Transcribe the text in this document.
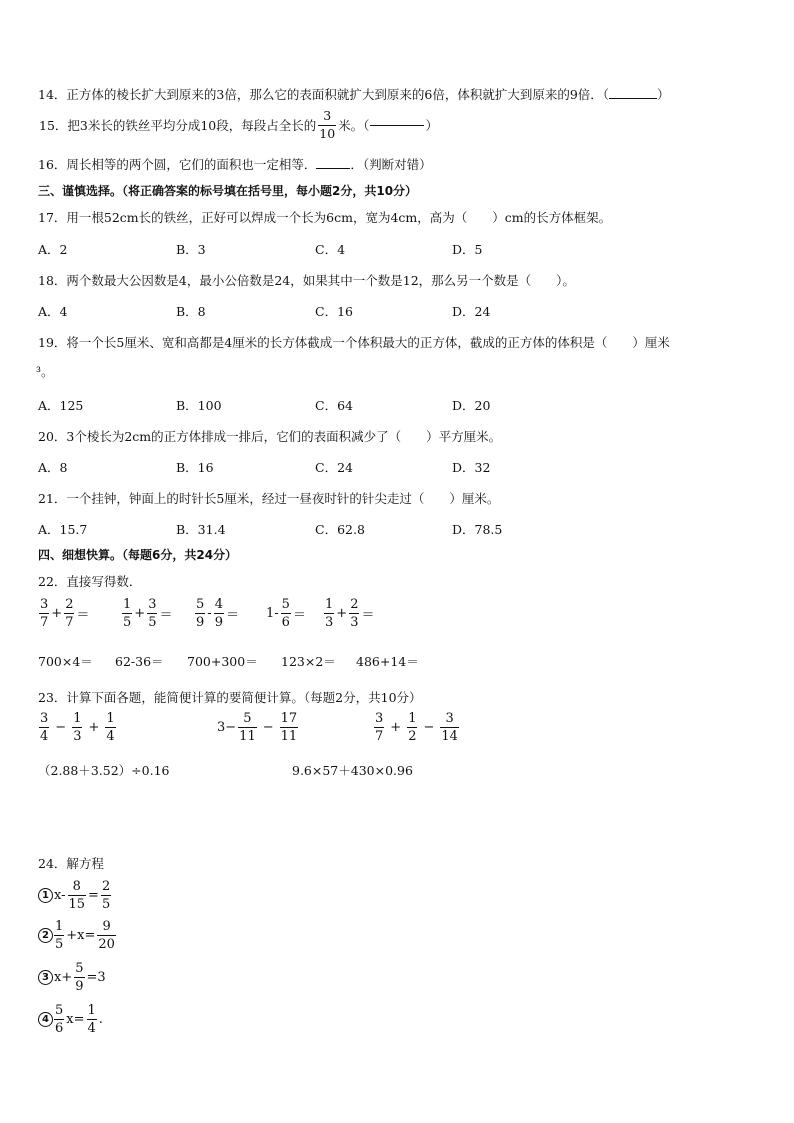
14．正方体的棱长扩大到原来的3倍，那么它的表面积就扩大到原来的6倍，体积就扩大到原来的9倍．（	）
15．把3米长的铁丝平均分成10段，每段占全长的 $\frac{3}{10}$ 米。（	）
16．周长相等的两个圆，它们的面积也一定相等．	．（判断对错）
三、谨慎选择。（将正确答案的标号填在括号里，每小题2分，共10分）
17．用一根52cm长的铁丝，正好可以焊成一个长为6cm，宽为4cm，高为（　　）cm的长方体框架。
A．2	B．3	C．4	D．5
18．两个数最大公因数是4，最小公倍数是24，如果其中一个数是12，那么另一个数是（　　）。
A．4	B．8	C．16	D．24
19．将一个长5厘米、宽和高都是4厘米的长方体截成一个体积最大的正方体，截成的正方体的体积是（　　）厘米
³。
A．125	B．100	C．64	D．20
20．3个棱长为2cm的正方体排成一排后，它们的表面积减少了（　　）平方厘米。
A．8	B．16	C．24	D．32
21．一个挂钟，钟面上的时针长5厘米，经过一昼夜时针的针尖走过（　　）厘米。
A．15.7	B．31.4	C．62.8	D．78.5
四、细想快算。（每题6分，共24分）
22．直接写得数．
$\frac{3}{7} + \frac{2}{7}$ ＝	$\frac{1}{5} + \frac{3}{5} = \frac{5}{9} - \frac{4}{9} = 1- \frac{5}{6} = \frac{1}{3} + \frac{2}{3}$ ＝
700×4＝ 62-36＝ 700+300＝ 123×2＝ 486+14＝
23．计算下面各题，能简便计算的要简便计算。（每题2分，共10分）
$\frac{3}{4} - \frac{1}{3} + \frac{1}{4}$	$3- \frac{5}{11} - \frac{17}{11}$	$\frac{3}{7} + \frac{1}{2} - \frac{3}{14}$
（2.88＋3.52）÷0.16	9.6×57＋430×0.96
24．解方程
1 $x- \frac{8}{15} = \frac{2}{5}$
$2 \frac{1}{5} +x= \frac{9}{20}$
3 $x+ \frac{5}{9} =3$
$4 \frac{5}{6} x= \frac{1}{4}$ .
